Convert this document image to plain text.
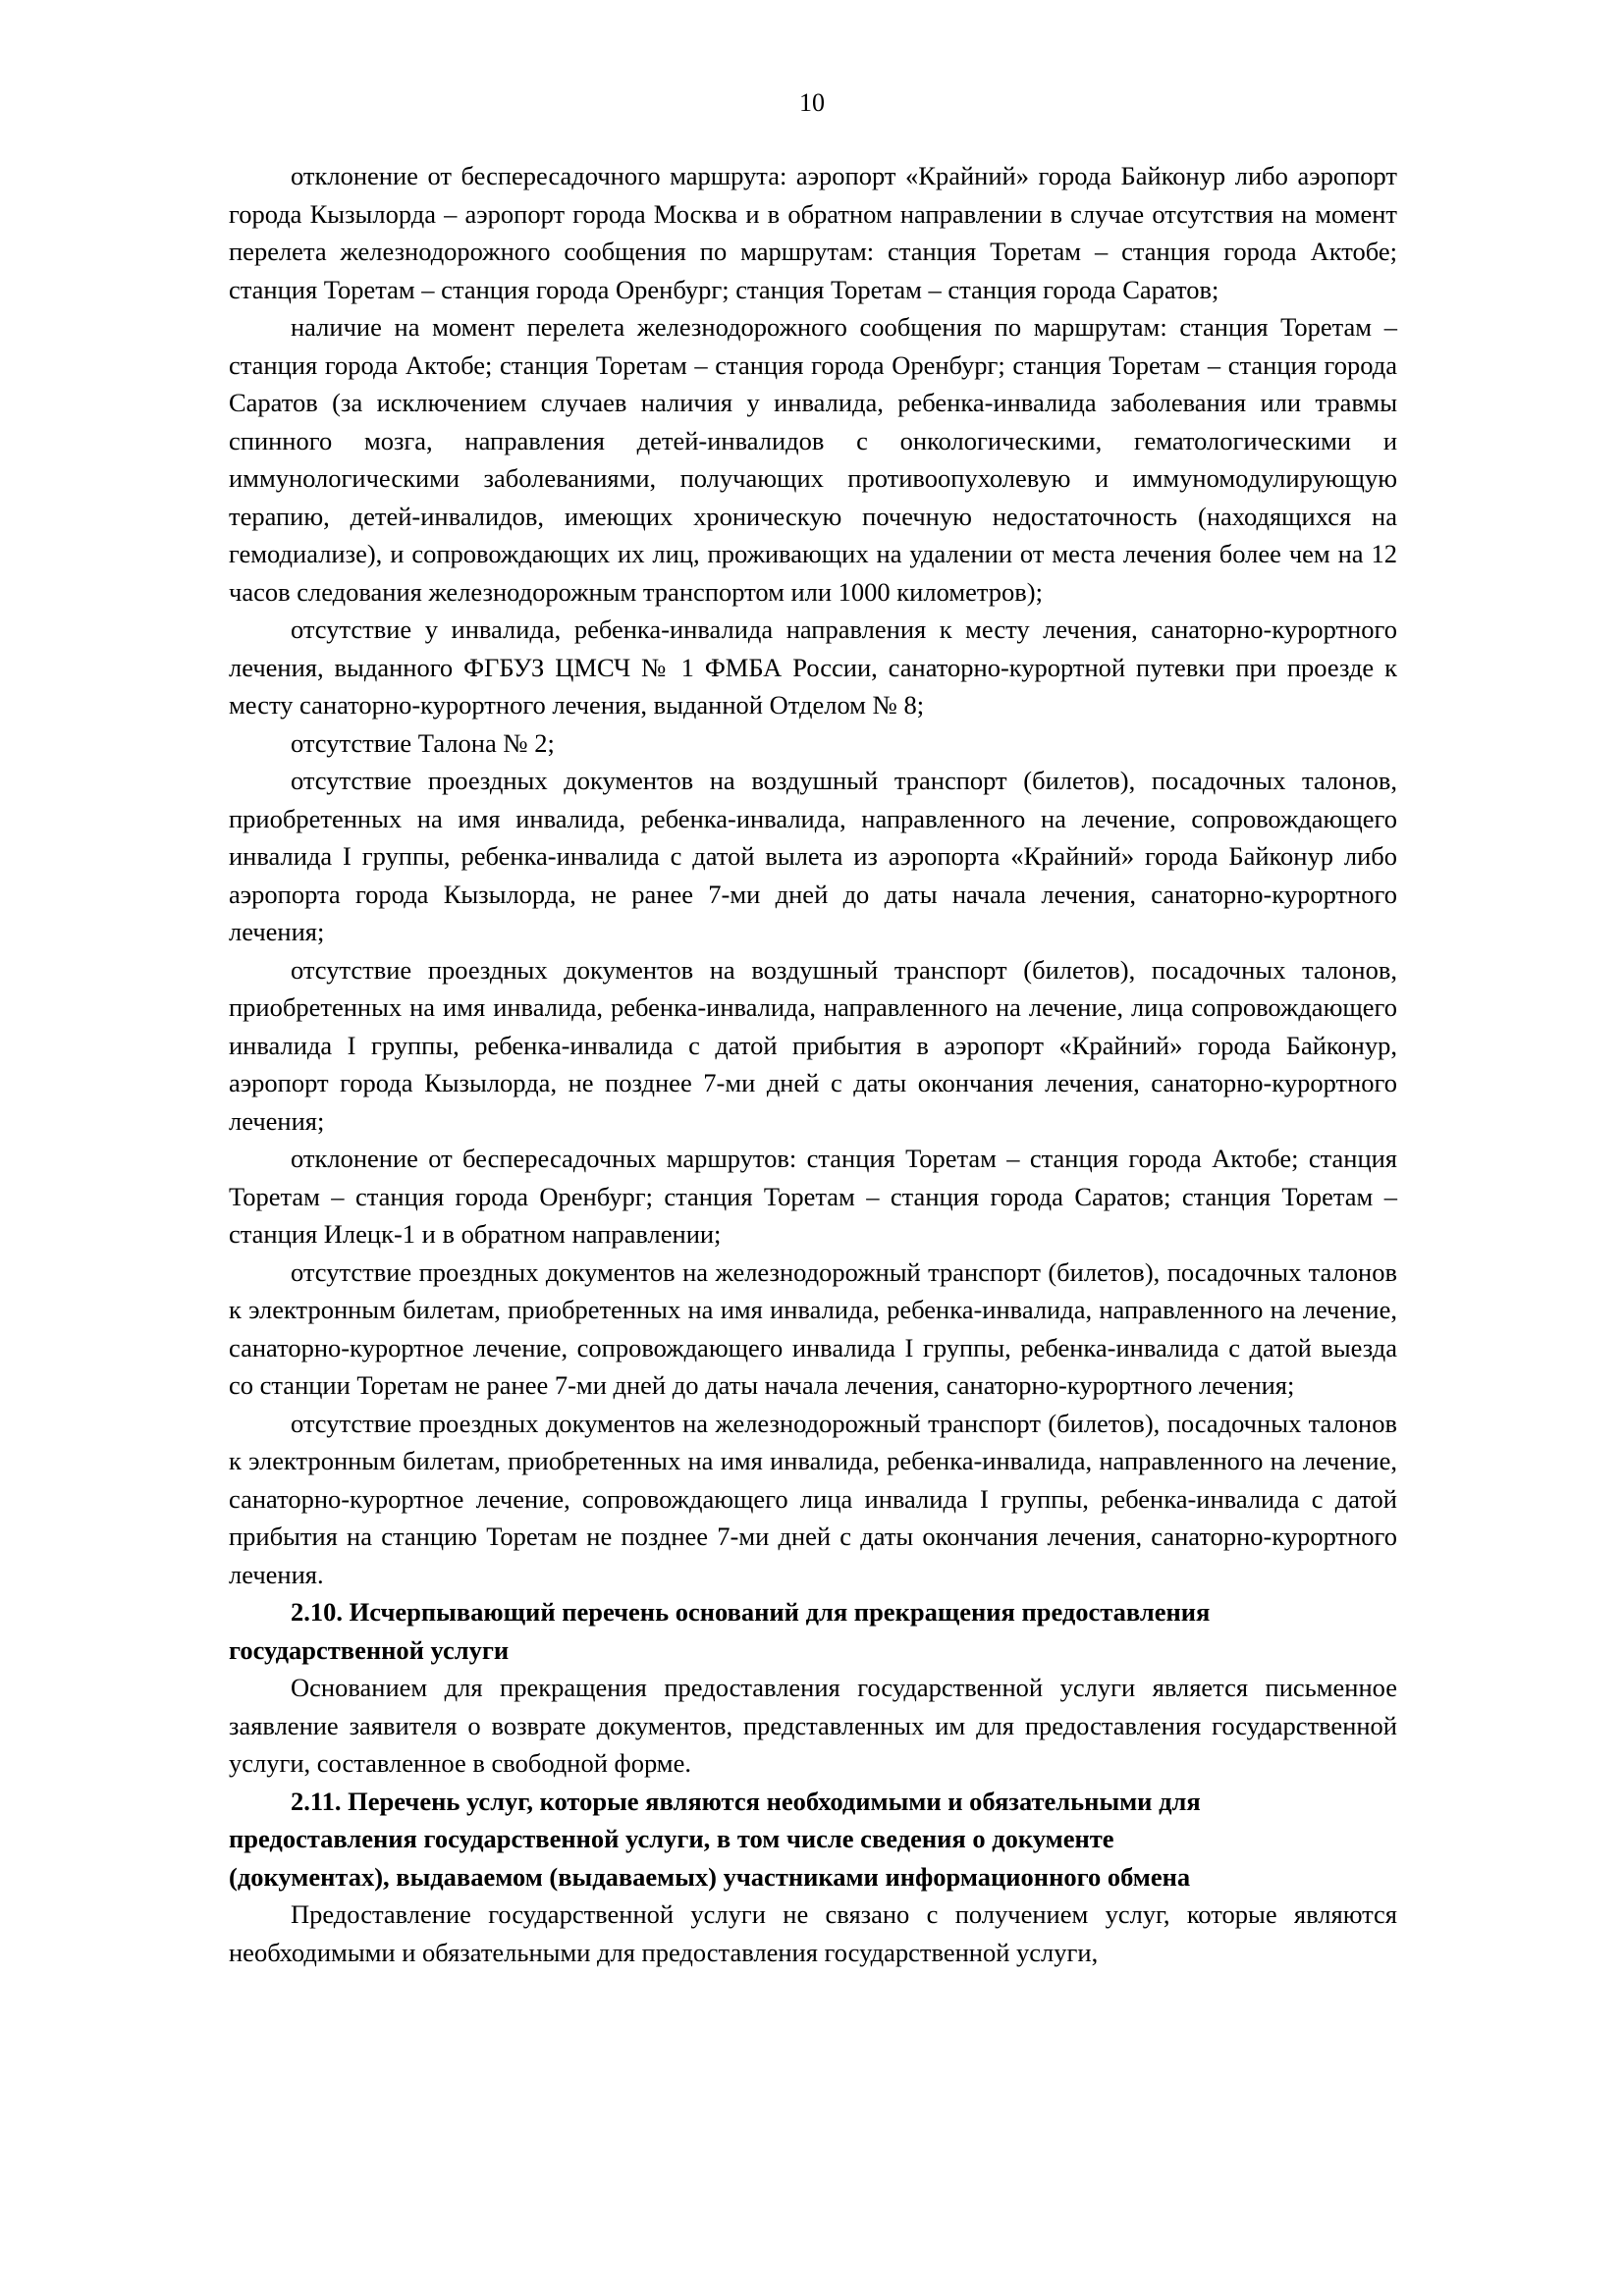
10

отклонение от беспересадочного маршрута: аэропорт «Крайний» города Байконур либо аэропорт города Кызылорда – аэропорт города Москва и в обратном направлении в случае отсутствия на момент перелета железнодорожного сообщения по маршрутам: станция Торетам – станция города Актобе; станция Торетам – станция города Оренбург; станция Торетам – станция города Саратов;

наличие на момент перелета железнодорожного сообщения по маршрутам: станция Торетам – станция города Актобе; станция Торетам – станция города Оренбург; станция Торетам – станция города Саратов (за исключением случаев наличия у инвалида, ребенка-инвалида заболевания или травмы спинного мозга, направления детей-инвалидов с онкологическими, гематологическими и иммунологическими заболеваниями, получающих противоопухолевую и иммуномодулирующую терапию, детей-инвалидов, имеющих хроническую почечную недостаточность (находящихся на гемодиализе), и сопровождающих их лиц, проживающих на удалении от места лечения более чем на 12 часов следования железнодорожным транспортом или 1000 километров);

отсутствие у инвалида, ребенка-инвалида направления к месту лечения, санаторно-курортного лечения, выданного ФГБУЗ ЦМСЧ № 1 ФМБА России, санаторно-курортной путевки при проезде к месту санаторно-курортного лечения, выданной Отделом № 8;

отсутствие Талона № 2;

отсутствие проездных документов на воздушный транспорт (билетов), посадочных талонов, приобретенных на имя инвалида, ребенка-инвалида, направленного на лечение, сопровождающего инвалида I группы, ребенка-инвалида с датой вылета из аэропорта «Крайний» города Байконур либо аэропорта города Кызылорда, не ранее 7-ми дней до даты начала лечения, санаторно-курортного лечения;

отсутствие проездных документов на воздушный транспорт (билетов), посадочных талонов, приобретенных на имя инвалида, ребенка-инвалида, направленного на лечение, лица сопровождающего инвалида I группы, ребенка-инвалида с датой прибытия в аэропорт «Крайний» города Байконур, аэропорт города Кызылорда, не позднее 7-ми дней с даты окончания лечения, санаторно-курортного лечения;

отклонение от беспересадочных маршрутов: станция Торетам – станция города Актобе; станция Торетам – станция города Оренбург; станция Торетам – станция города Саратов; станция Торетам – станция Илецк-1 и в обратном направлении;

отсутствие проездных документов на железнодорожный транспорт (билетов), посадочных талонов к электронным билетам, приобретенных на имя инвалида, ребенка-инвалида, направленного на лечение, санаторно-курортное лечение, сопровождающего инвалида I группы, ребенка-инвалида с датой выезда со станции Торетам не ранее 7-ми дней до даты начала лечения, санаторно-курортного лечения;

отсутствие проездных документов на железнодорожный транспорт (билетов), посадочных талонов к электронным билетам, приобретенных на имя инвалида, ребенка-инвалида, направленного на лечение, санаторно-курортное лечение, сопровождающего лица инвалида I группы, ребенка-инвалида с датой прибытия на станцию Торетам не позднее 7-ми дней с даты окончания лечения, санаторно-курортного лечения.

2.10. Исчерпывающий перечень оснований для прекращения предоставления

государственной услуги

Основанием для прекращения предоставления государственной услуги является письменное заявление заявителя о возврате документов, представленных им для предоставления государственной услуги, составленное в свободной форме.

2.11. Перечень услуг, которые являются необходимыми и обязательными для

предоставления государственной услуги, в том числе сведения о документе

(документах), выдаваемом (выдаваемых) участниками информационного обмена

Предоставление государственной услуги не связано с получением услуг, которые являются необходимыми и обязательными для предоставления государственной услуги,
